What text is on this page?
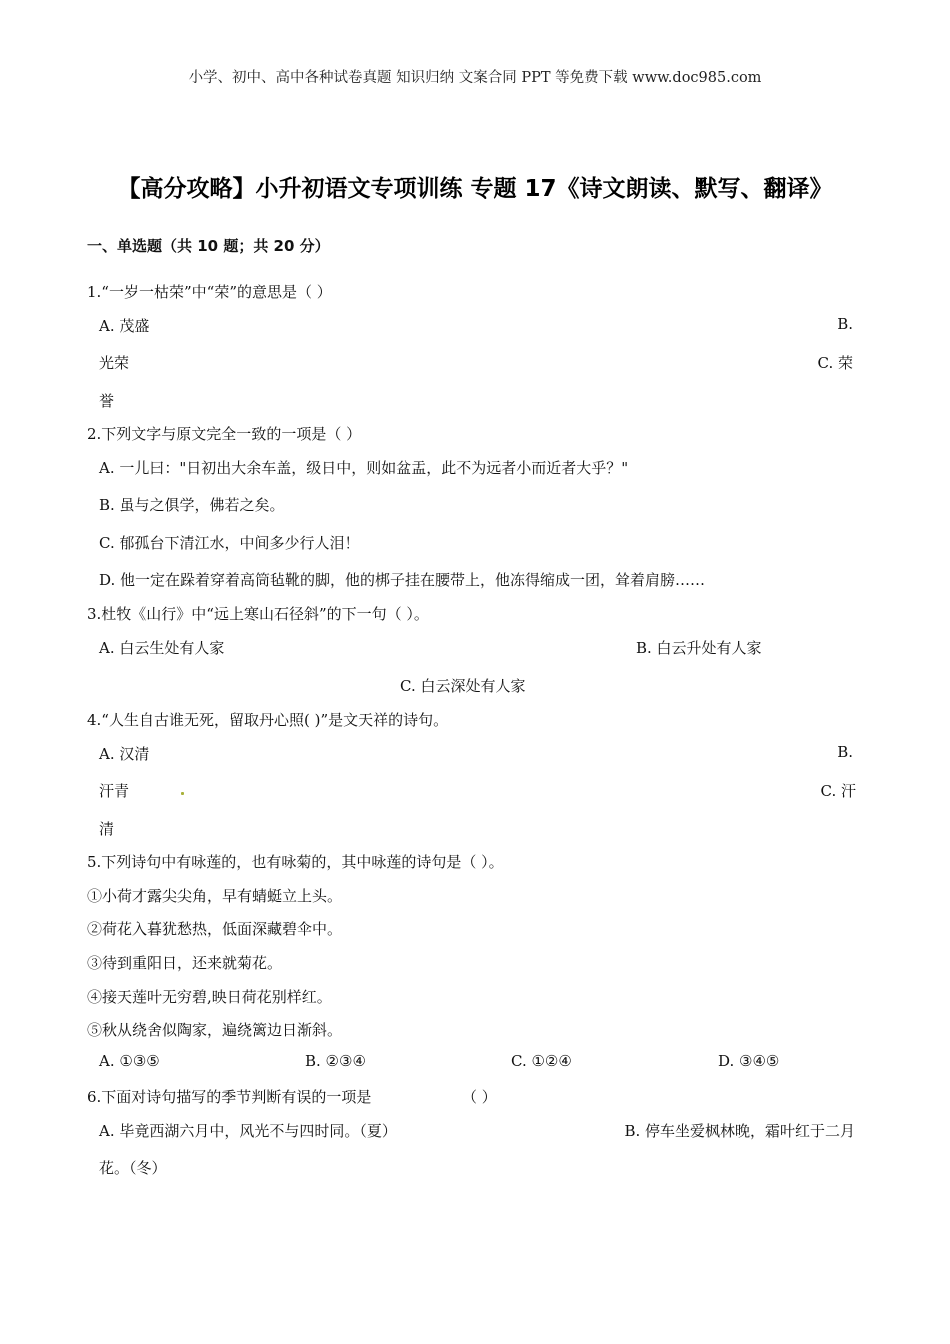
小学、初中、高中各种试卷真题 知识归纳 文案合同 PPT 等免费下载 www.doc985.com
【高分攻略】小升初语文专项训练 专题 17《诗文朗读、默写、翻译》
一、单选题（共 10 题；共 20 分）
1.“一岁一枯荣”中“荣”的意思是（ ）
A. 茂盛	B.
光荣	C. 荣
誉
2.下列文字与原文完全一致的一项是（ ）
A. 一儿曰："日初出大余车盖，级日中，则如盆盂，此不为远者小而近者大乎？"
B. 虽与之俱学，佛若之矣。
C. 郁孤台下清江水，中间多少行人泪！
D. 他一定在跺着穿着高筒毡靴的脚，他的梆子挂在腰带上，他冻得缩成一团，耸着肩膀……
3.杜牧《山行》中“远上寒山石径斜”的下一句（ ）。
A. 白云生处有人家	B. 白云升处有人家
C. 白云深处有人家
4.“人生自古谁无死，留取丹心照( )”是文天祥的诗句。
A. 汉清	B.
汗青	C. 汗
清
5.下列诗句中有咏莲的，也有咏菊的，其中咏莲的诗句是（ ）。
①小荷才露尖尖角，早有蜻蜓立上头。
②荷花入暮犹愁热，低面深藏碧伞中。
③待到重阳日，还来就菊花。
④接天莲叶无穷碧,映日荷花别样红。
⑤秋从绕舍似陶家，遍绕篱边日渐斜。
A. ①③⑤	B. ②③④	C. ①②④	D. ③④⑤
6.下面对诗句描写的季节判断有误的一项是	（ ）
A. 毕竟西湖六月中，风光不与四时同。（夏）	B. 停车坐爱枫林晚，霜叶红于二月
花。（冬）
